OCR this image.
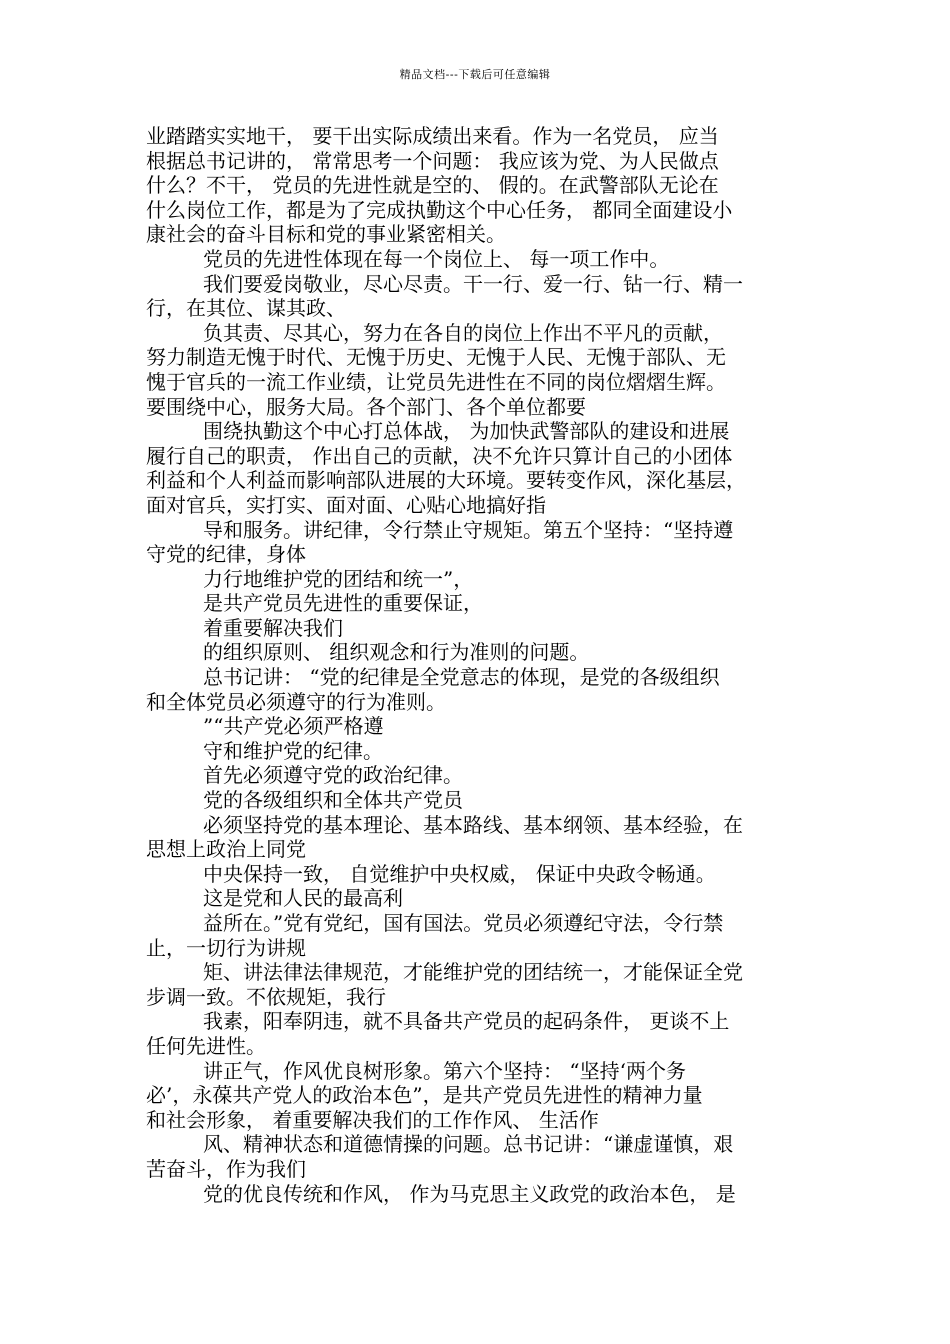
精品文档---下载后可任意编辑
业踏踏实实地干， 要干出实际成绩出来看。作为一名党员， 应当
根据总书记讲的， 常常思考一个问题： 我应该为党、为人民做点
什么？不干， 党员的先进性就是空的、 假的。在武警部队无论在
什么岗位工作，都是为了完成执勤这个中心任务， 都同全面建设小
康社会的奋斗目标和党的事业紧密相关。
党员的先进性体现在每一个岗位上、 每一项工作中。
我们要爱岗敬业，尽心尽责。干一行、爱一行、钻一行、精一
行，在其位、谋其政、
负其责、尽其心，努力在各自的岗位上作出不平凡的贡献，
努力制造无愧于时代、无愧于历史、无愧于人民、无愧于部队、无
愧于官兵的一流工作业绩，让党员先进性在不同的岗位熠熠生辉。
要围绕中心，服务大局。各个部门、各个单位都要
围绕执勤这个中心打总体战， 为加快武警部队的建设和进展
履行自己的职责， 作出自己的贡献，决不允许只算计自己的小团体
利益和个人利益而影响部队进展的大环境。要转变作风，深化基层，
面对官兵，实打实、面对面、心贴心地搞好指
导和服务。讲纪律，令行禁止守规矩。第五个坚持：“坚持遵
守党的纪律，身体
力行地维护党的团结和统一”，
是共产党员先进性的重要保证，
着重要解决我们
的组织原则、 组织观念和行为准则的问题。
总书记讲： “党的纪律是全党意志的体现，是党的各级组织
和全体党员必须遵守的行为准则。
”“共产党必须严格遵
守和维护党的纪律。
首先必须遵守党的政治纪律。
党的各级组织和全体共产党员
必须坚持党的基本理论、基本路线、基本纲领、基本经验，在
思想上政治上同党
中央保持一致， 自觉维护中央权威， 保证中央政令畅通。
这是党和人民的最高利
益所在。”党有党纪，国有国法。党员必须遵纪守法，令行禁
止，一切行为讲规
矩、讲法律法律规范，才能维护党的团结统一，才能保证全党
步调一致。不依规矩，我行
我素，阳奉阴违，就不具备共产党员的起码条件， 更谈不上
任何先进性。
讲正气，作风优良树形象。第六个坚持： “坚持‘两个务
必’，永葆共产党人的政治本色”，是共产党员先进性的精神力量
和社会形象， 着重要解决我们的工作作风、 生活作
风、精神状态和道德情操的问题。总书记讲：“谦虚谨慎，艰
苦奋斗，作为我们
党的优良传统和作风， 作为马克思主义政党的政治本色， 是
